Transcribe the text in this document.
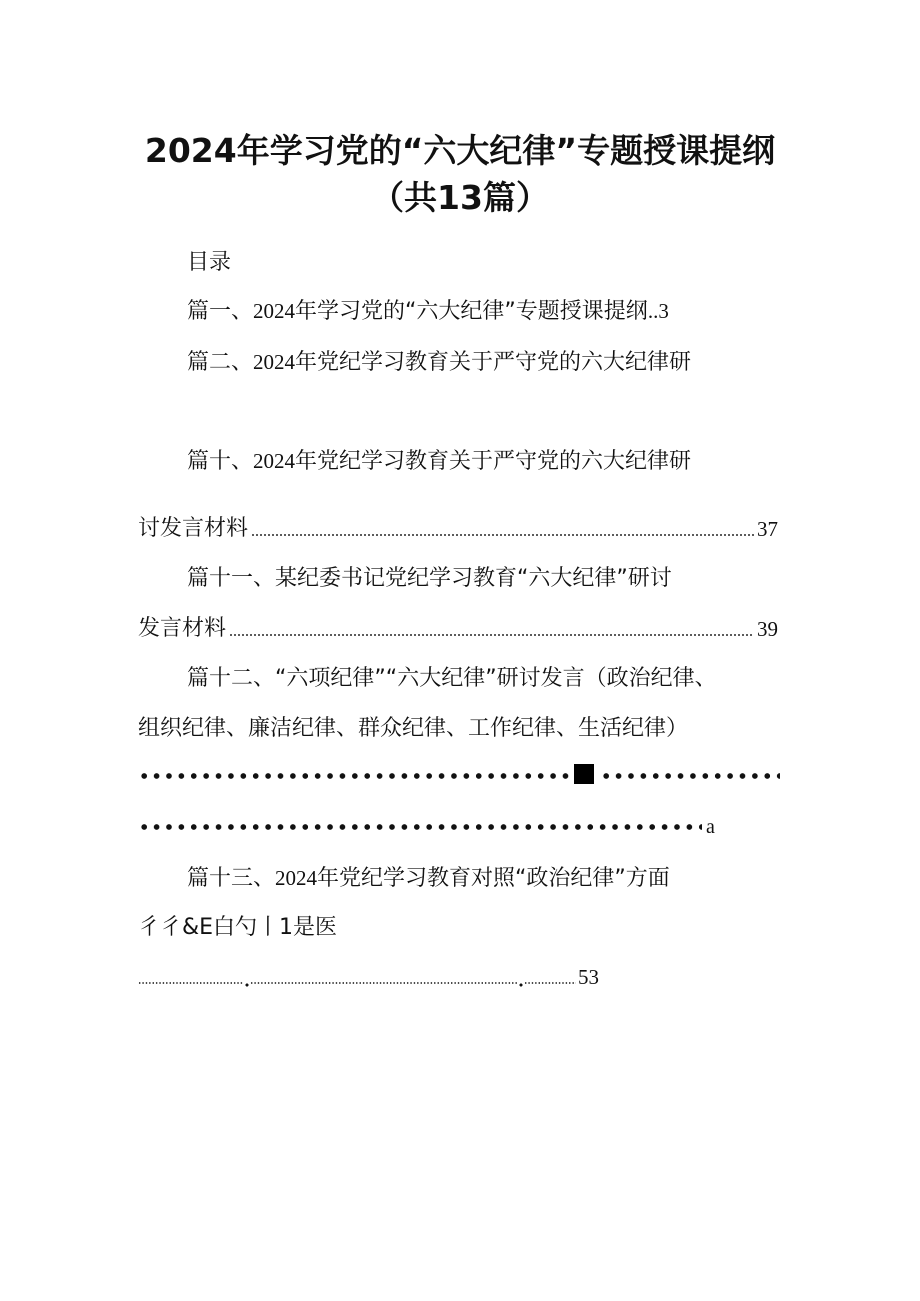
2024年学习党的“六大纪律”专题授课提纲
（共13篇）
目录
篇一、2024年学习党的“六大纪律”专题授课提纲..3
篇二、2024年党纪学习教育关于严守党的六大纪律研
篇十、2024年党纪学习教育关于严守党的六大纪律研
讨发言材料	37
篇十一、某纪委书记党纪学习教育“六大纪律”研讨
发言材料	39
篇十二、“六项纪律”“六大纪律”研讨发言（政治纪律、
组织纪律、廉洁纪律、群众纪律、工作纪律、生活纪律）
a
篇十三、2024年党纪学习教育对照“政治纪律”方面
彳彳&E白勺丨1是医
53
